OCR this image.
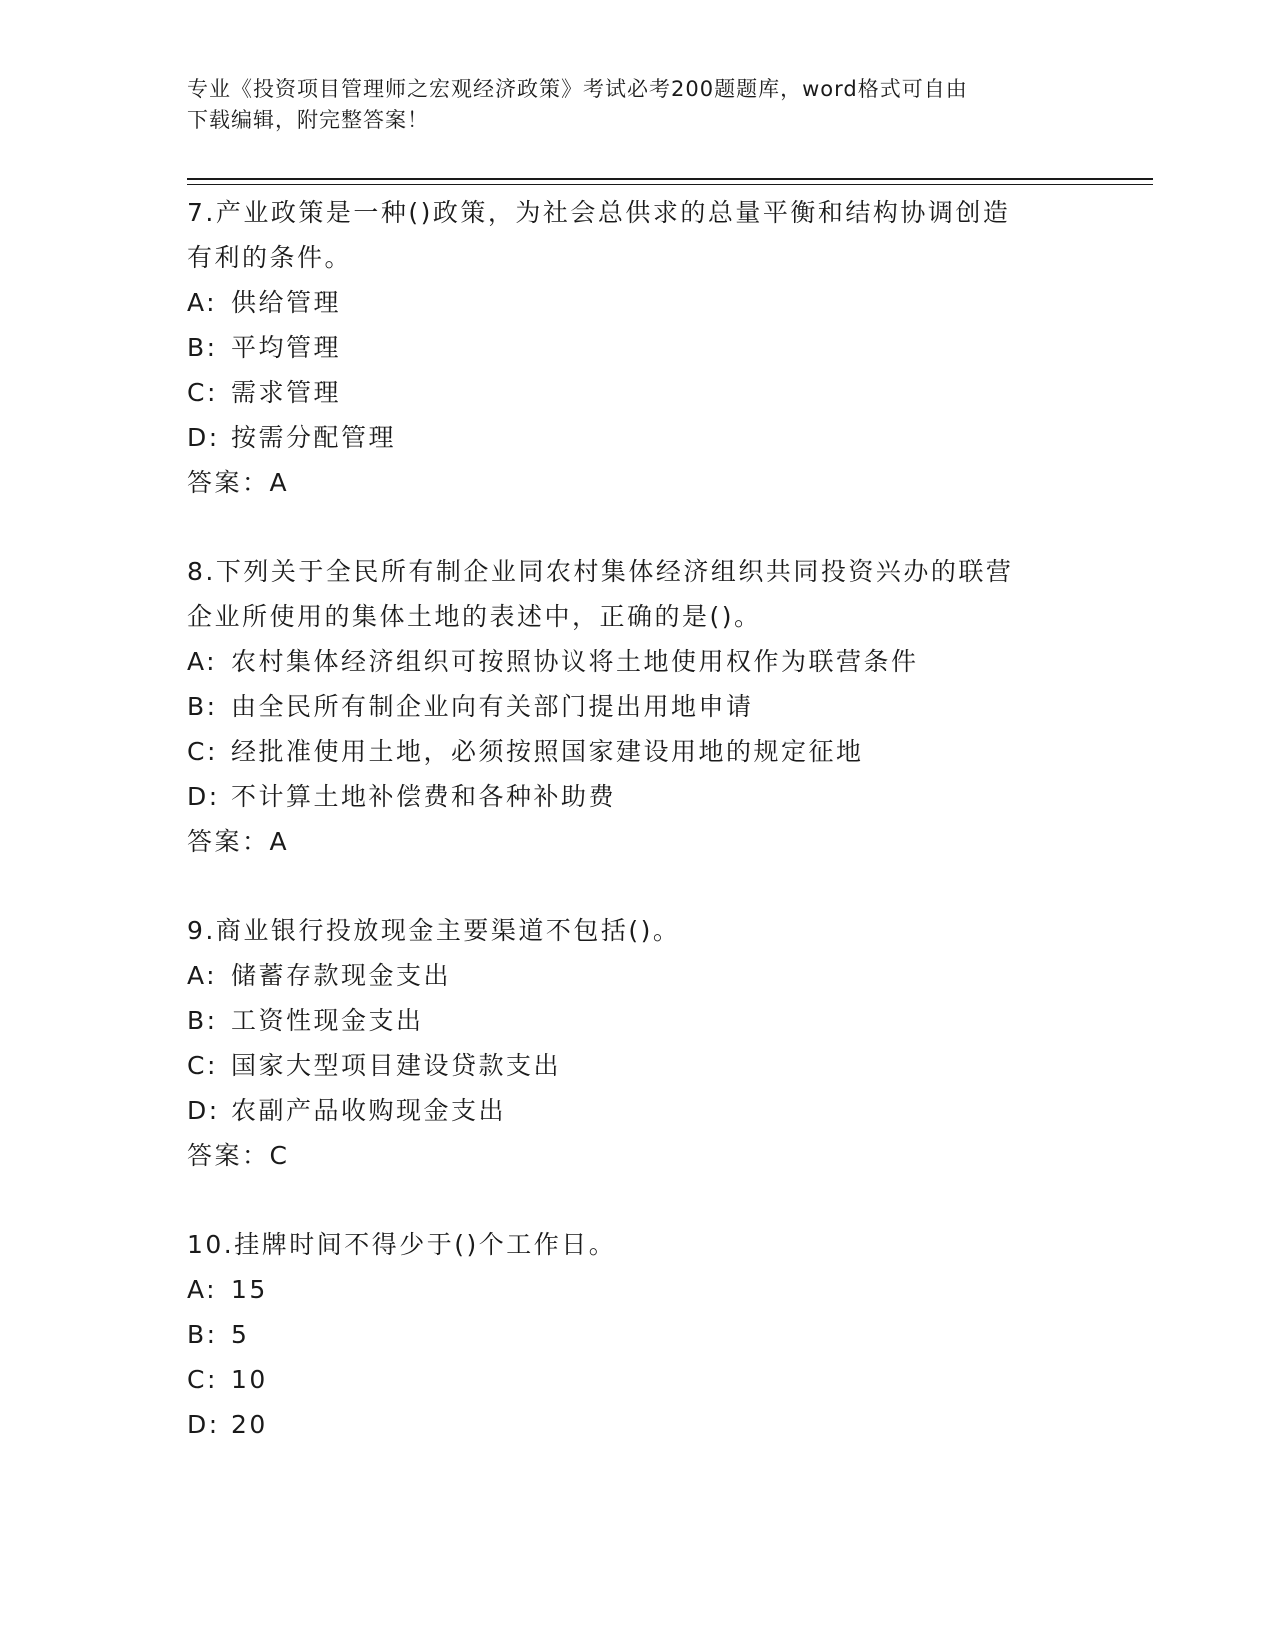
专业《投资项目管理师之宏观经济政策》考试必考200题题库，word格式可自由
下载编辑，附完整答案！

7.产业政策是一种()政策，为社会总供求的总量平衡和结构协调创造

有利的条件。

A: 供给管理

B: 平均管理

C: 需求管理

D: 按需分配管理

答案：A

8.下列关于全民所有制企业同农村集体经济组织共同投资兴办的联营

企业所使用的集体土地的表述中，正确的是()。

A: 农村集体经济组织可按照协议将土地使用权作为联营条件

B: 由全民所有制企业向有关部门提出用地申请

C: 经批准使用土地，必须按照国家建设用地的规定征地

D: 不计算土地补偿费和各种补助费

答案：A

9.商业银行投放现金主要渠道不包括()。

A: 储蓄存款现金支出

B: 工资性现金支出

C: 国家大型项目建设贷款支出

D: 农副产品收购现金支出

答案：C

10.挂牌时间不得少于()个工作日。

A: 15

B: 5

C: 10

D: 20
